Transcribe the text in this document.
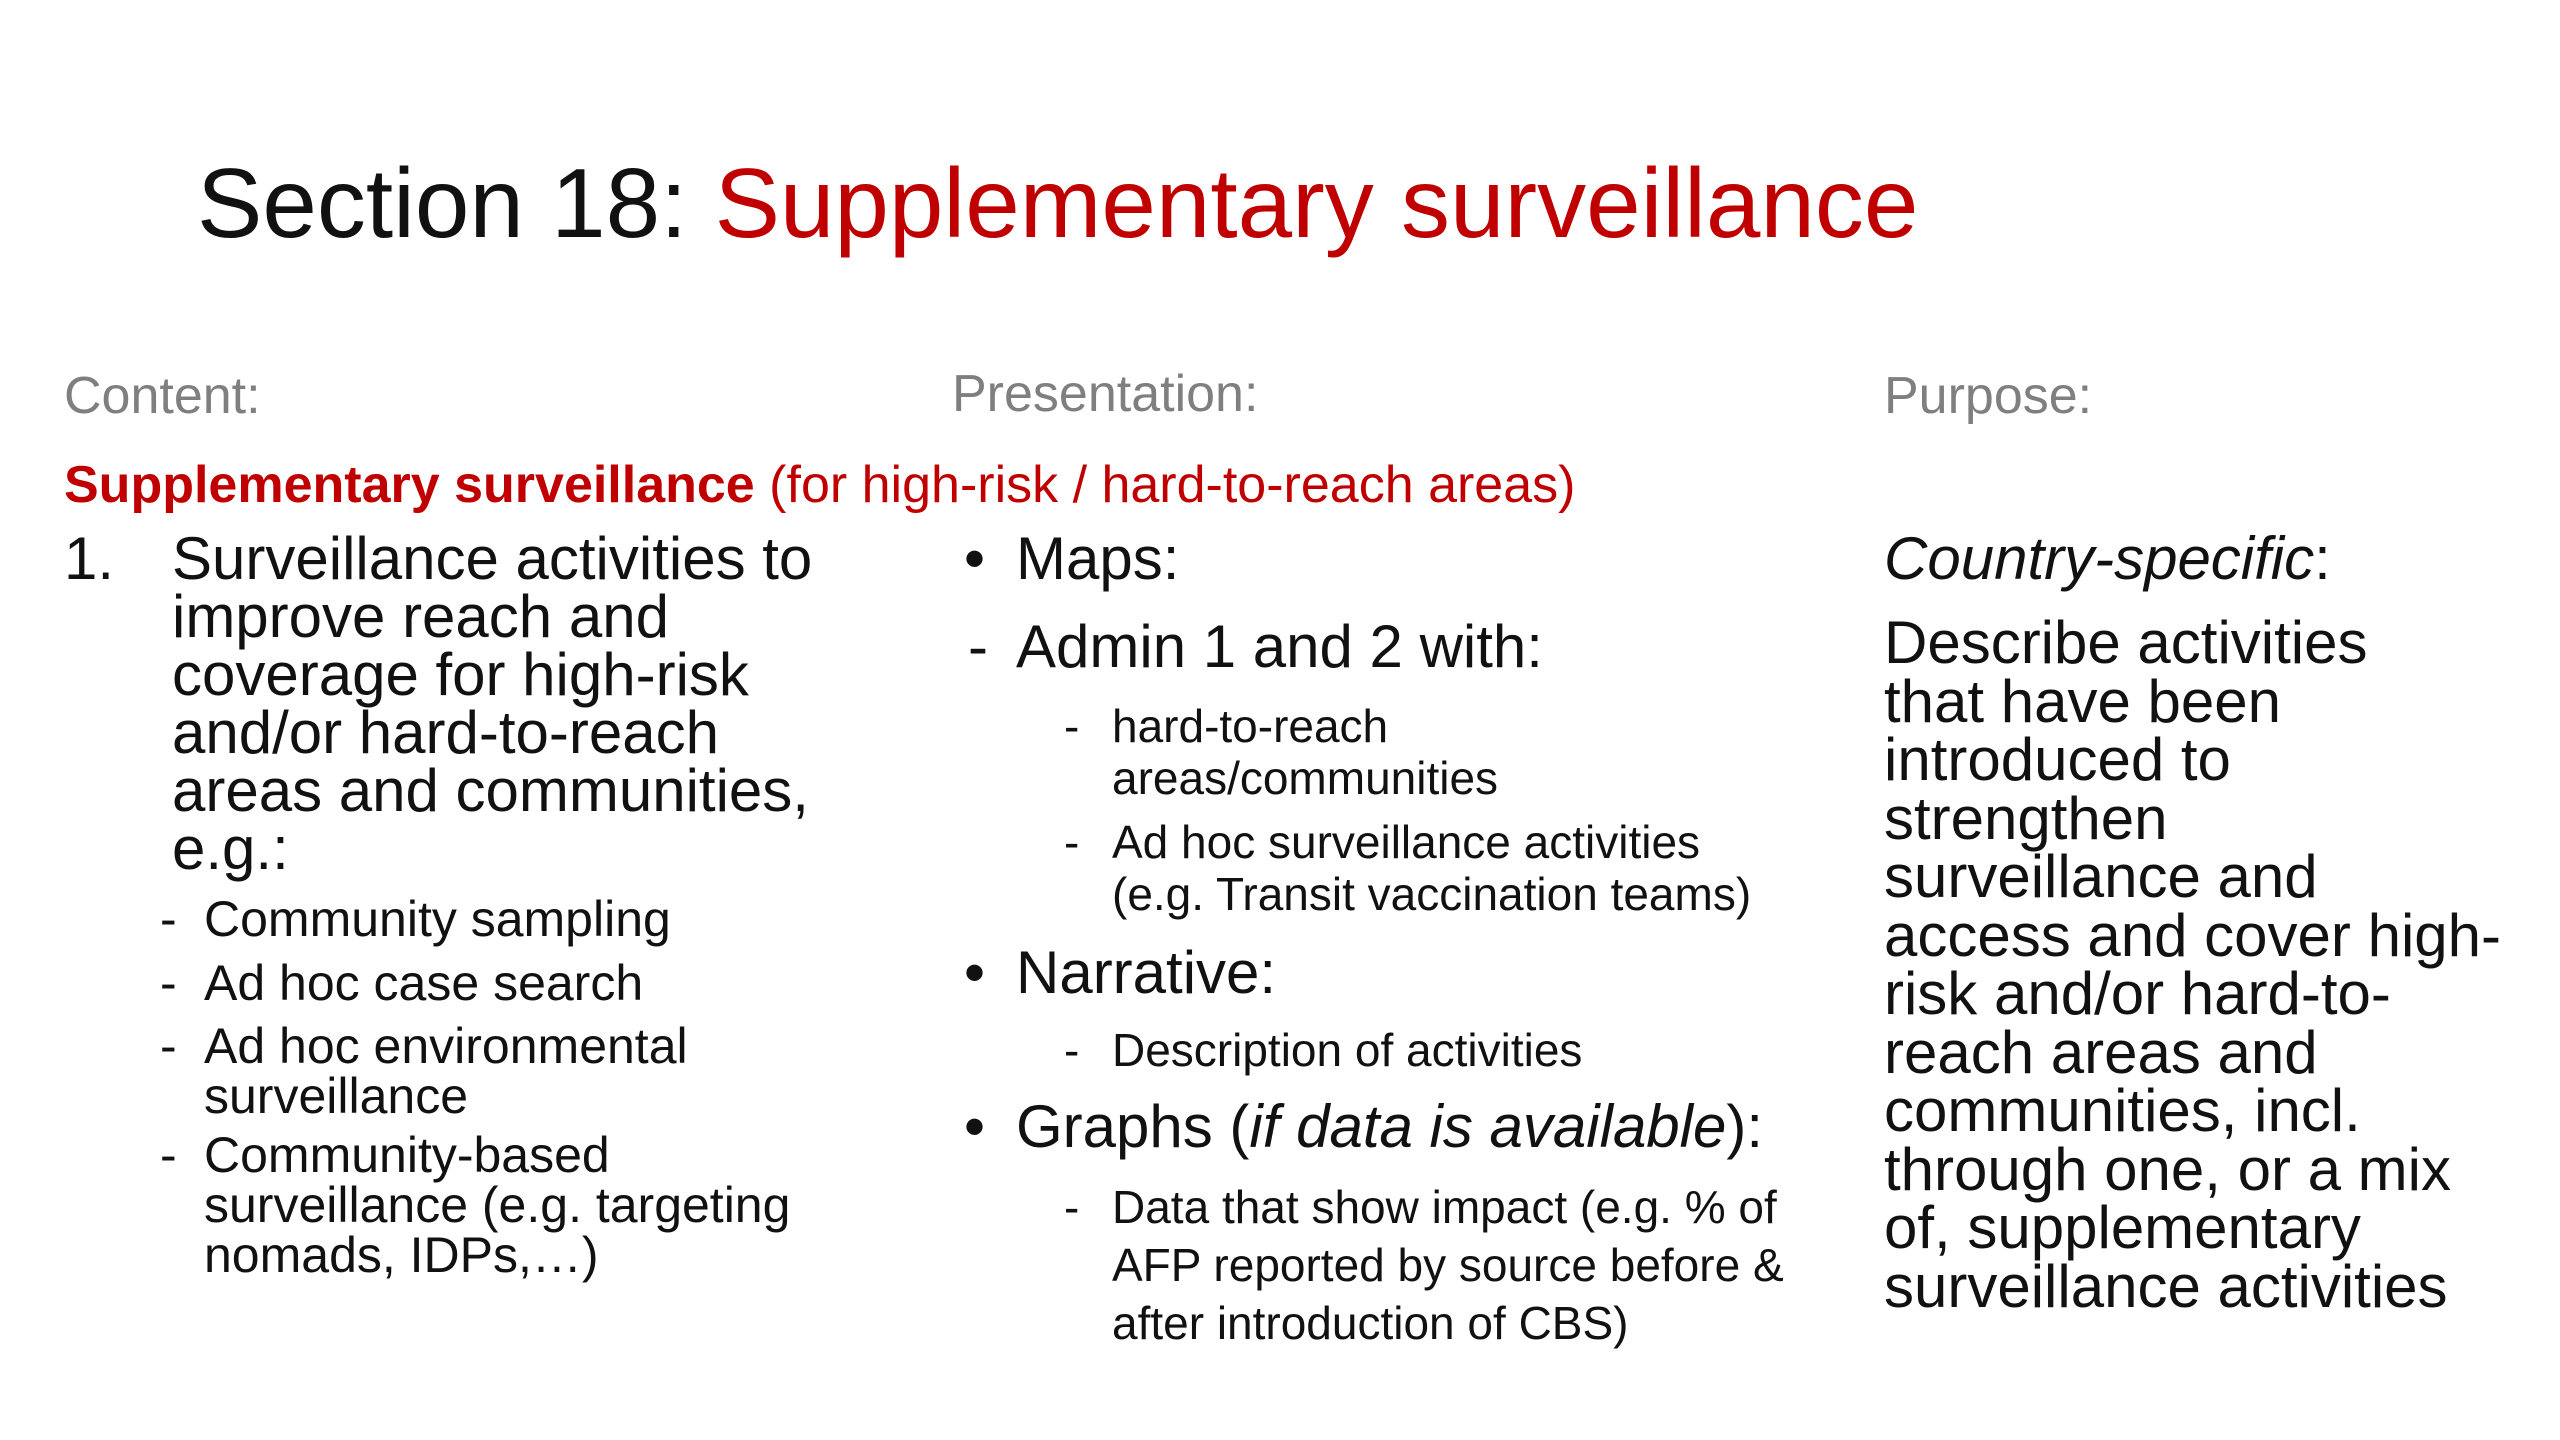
Section 18: Supplementary surveillance
Content:	Presentation:	Purpose:
Supplementary surveillance (for high-risk / hard-to-reach areas)
1. Surveillance activities to
improve reach and
coverage for high-risk
and/or hard-to-reach
areas and communities,
e.g.:
- Community sampling
- Ad hoc case search
- Ad hoc environmental
surveillance
- Community-based
surveillance (e.g. targeting
nomads, IDPs,…)
• Maps:
- Admin 1 and 2 with:
- hard-to-reach
areas/communities
- Ad hoc surveillance activities
(e.g. Transit vaccination teams)
• Narrative:
- Description of activities
• Graphs (if data is available):
- Data that show impact (e.g. % of
AFP reported by source before &
after introduction of CBS)
Country-specific:
Describe activities
that have been
introduced to
strengthen
surveillance and
access and cover high-
risk and/or hard-to-
reach areas and
communities, incl.
through one, or a mix
of, supplementary
surveillance activities
